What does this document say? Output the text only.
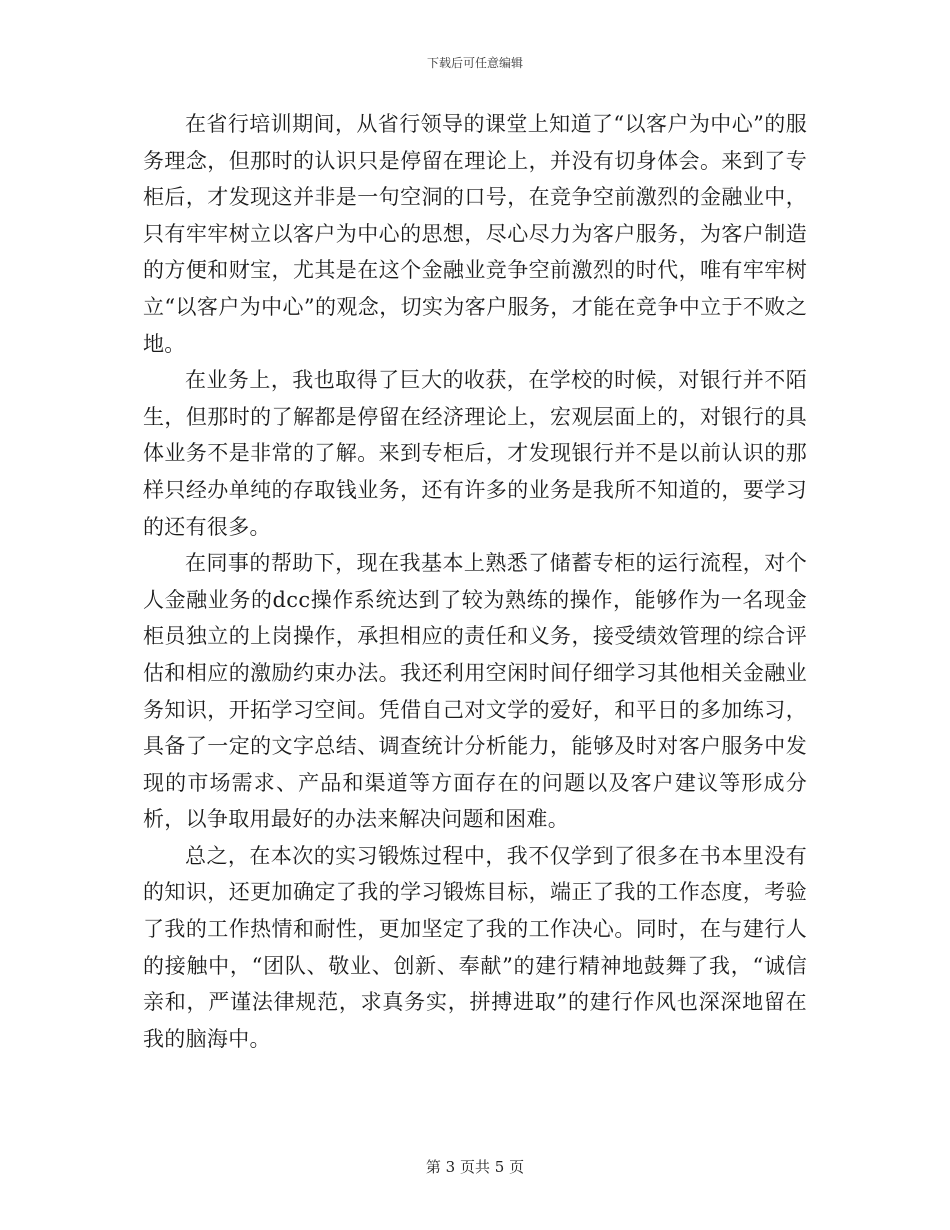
下载后可任意编辑

在省行培训期间，从省行领导的课堂上知道了“以客户为中心”的服务理念，但那时的认识只是停留在理论上，并没有切身体会。来到了专柜后，才发现这并非是一句空洞的口号，在竞争空前激烈的金融业中，只有牢牢树立以客户为中心的思想，尽心尽力为客户服务，为客户制造的方便和财宝，尤其是在这个金融业竞争空前激烈的时代，唯有牢牢树立“以客户为中心”的观念，切实为客户服务，才能在竞争中立于不败之地。

在业务上，我也取得了巨大的收获，在学校的时候，对银行并不陌生，但那时的了解都是停留在经济理论上，宏观层面上的，对银行的具体业务不是非常的了解。来到专柜后，才发现银行并不是以前认识的那样只经办单纯的存取钱业务，还有许多的业务是我所不知道的，要学习的还有很多。

在同事的帮助下，现在我基本上熟悉了储蓄专柜的运行流程，对个人金融业务的dcc操作系统达到了较为熟练的操作，能够作为一名现金柜员独立的上岗操作，承担相应的责任和义务，接受绩效管理的综合评估和相应的激励约束办法。我还利用空闲时间仔细学习其他相关金融业务知识，开拓学习空间。凭借自己对文学的爱好，和平日的多加练习，具备了一定的文字总结、调查统计分析能力，能够及时对客户服务中发现的市场需求、产品和渠道等方面存在的问题以及客户建议等形成分析，以争取用最好的办法来解决问题和困难。

总之，在本次的实习锻炼过程中，我不仅学到了很多在书本里没有的知识，还更加确定了我的学习锻炼目标，端正了我的工作态度，考验了我的工作热情和耐性，更加坚定了我的工作决心。同时，在与建行人的接触中，“团队、敬业、创新、奉献”的建行精神地鼓舞了我，“诚信亲和，严谨法律规范，求真务实，拼搏进取”的建行作风也深深地留在我的脑海中。

第 3 页共 5 页
